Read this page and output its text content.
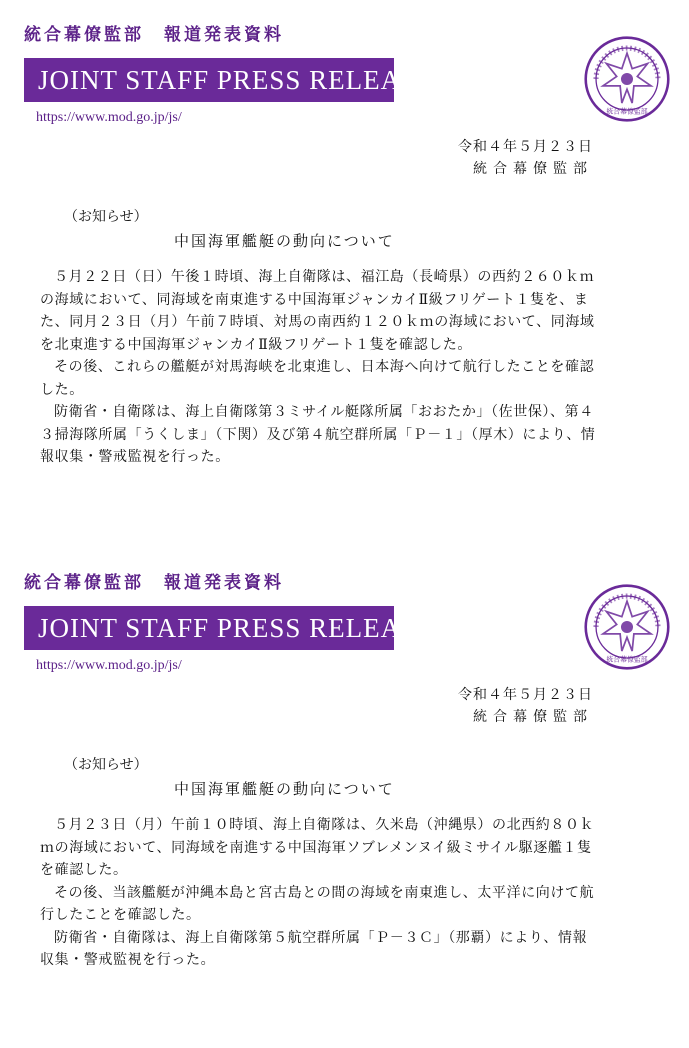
統合幕僚監部　報道発表資料
JOINT STAFF PRESS RELEASE
https://www.mod.go.jp/js/	統合幕僚監部
令和４年５月２３日
統合幕僚監部
（お知らせ）
中国海軍艦艇の動向について

５月２２日（日）午後１時頃、海上自衛隊は、福江島（長崎県）の西約２６０ｋｍの海域において、同海域を南東進する中国海軍ジャンカイⅡ級フリゲート１隻を、また、同月２３日（月）午前７時頃、対馬の南西約１２０ｋｍの海域において、同海域を北東進する中国海軍ジャンカイⅡ級フリゲート１隻を確認した。

その後、これらの艦艇が対馬海峡を北東進し、日本海へ向けて航行したことを確認した。

防衛省・自衛隊は、海上自衛隊第３ミサイル艇隊所属「おおたか」（佐世保）、第４３掃海隊所属「うくしま」（下関）及び第４航空群所属「Ｐ－１」（厚木）により、情報収集・警戒監視を行った。

統合幕僚監部　報道発表資料
JOINT STAFF PRESS RELEASE
https://www.mod.go.jp/js/	統合幕僚監部
令和４年５月２３日
統合幕僚監部
（お知らせ）
中国海軍艦艇の動向について

５月２３日（月）午前１０時頃、海上自衛隊は、久米島（沖縄県）の北西約８０ｋｍの海域において、同海域を南進する中国海軍ソブレメンヌイ級ミサイル駆逐艦１隻を確認した。

その後、当該艦艇が沖縄本島と宮古島との間の海域を南東進し、太平洋に向けて航行したことを確認した。

防衛省・自衛隊は、海上自衛隊第５航空群所属「Ｐ－３Ｃ」（那覇）により、情報収集・警戒監視を行った。
